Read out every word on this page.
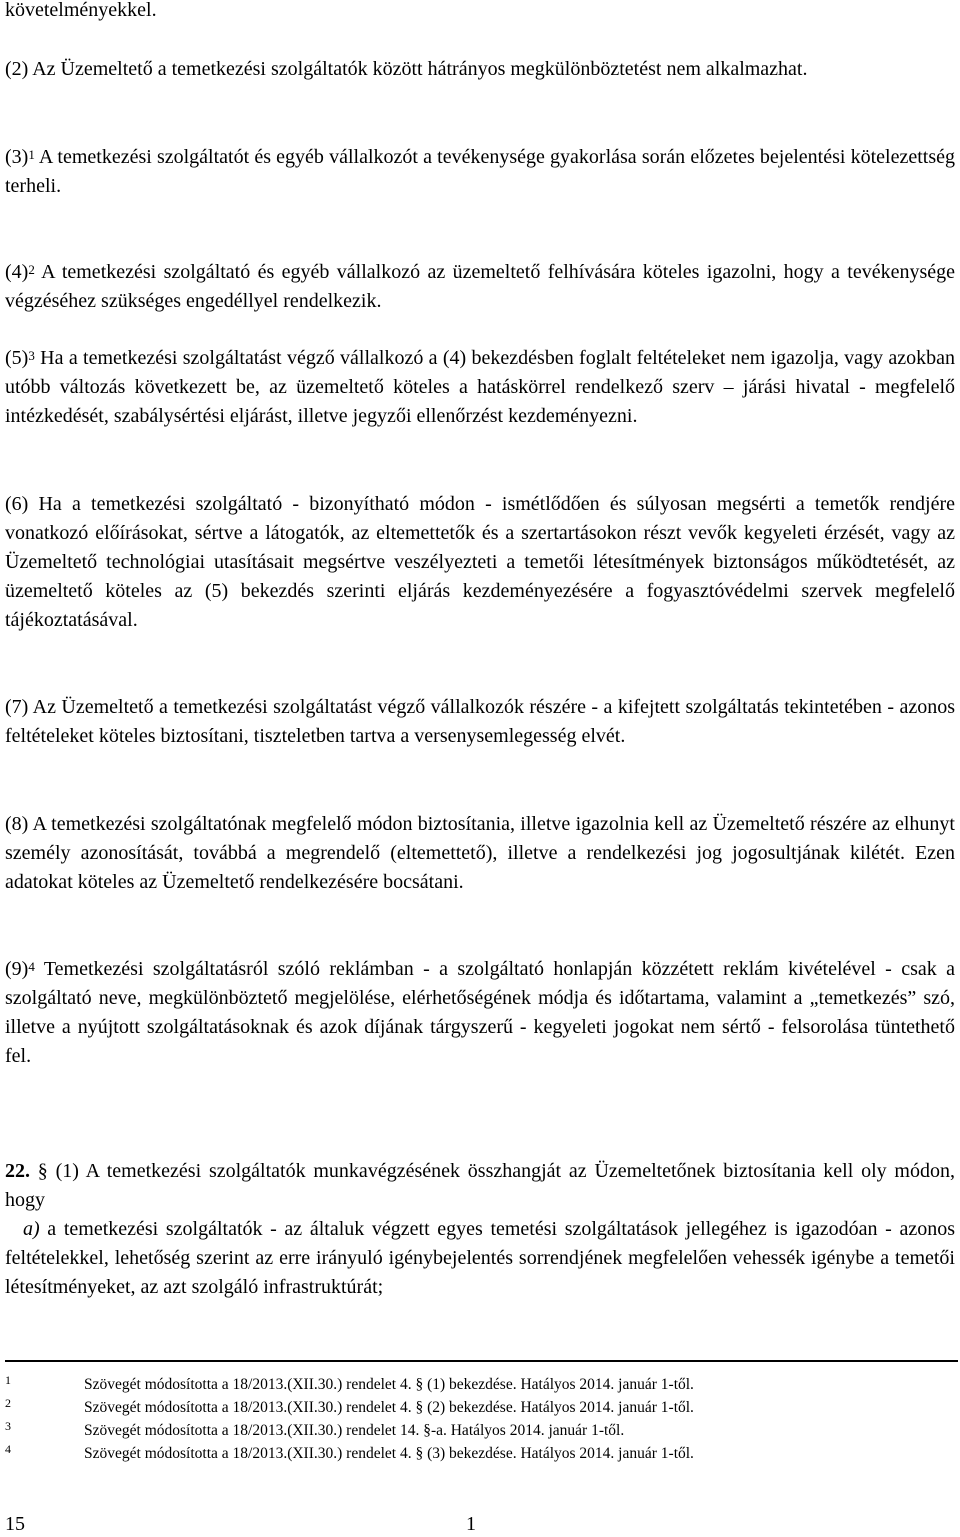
követelményekkel.
(2) Az Üzemeltető a temetkezési szolgáltatók között hátrányos megkülönböztetést nem alkalmazhat.
$(3)^1$ A temetkezési szolgáltatót és egyéb vállalkozót a tevékenysége gyakorlása során előzetes bejelentési kötelezettség terheli.
$(4)^2$ A temetkezési szolgáltató és egyéb vállalkozó az üzemeltető felhívására köteles igazolni, hogy a tevékenysége végzéséhez szükséges engedéllyel rendelkezik.
$(5)^3$ Ha a temetkezési szolgáltatást végző vállalkozó a (4) bekezdésben foglalt feltételeket nem igazolja, vagy azokban utóbb változás következett be, az üzemeltető köteles a hatáskörrel rendelkező szerv – járási hivatal - megfelelő intézkedését, szabálysértési eljárást, illetve jegyzői ellenőrzést kezdeményezni.
(6) Ha a temetkezési szolgáltató - bizonyítható módon - ismétlődően és súlyosan megsérti a temetők rendjére vonatkozó előírásokat, sértve a látogatók, az eltemettetők és a szertartásokon részt vevők kegyeleti érzését, vagy az Üzemeltető technológiai utasításait megsértve veszélyezteti a temetői létesítmények biztonságos működtetését, az üzemeltető köteles az (5) bekezdés szerinti eljárás kezdeményezésére a fogyasztóvédelmi szervek megfelelő tájékoztatásával.
(7) Az Üzemeltető a temetkezési szolgáltatást végző vállalkozók részére - a kifejtett szolgáltatás tekintetében - azonos feltételeket köteles biztosítani, tiszteletben tartva a versenysemlegesség elvét.
(8) A temetkezési szolgáltatónak megfelelő módon biztosítania, illetve igazolnia kell az Üzemeltető részére az elhunyt személy azonosítását, továbbá a megrendelő (eltemettető), illetve a rendelkezési jog jogosultjának kilétét. Ezen adatokat köteles az Üzemeltető rendelkezésére bocsátani.
$(9)^4$ Temetkezési szolgáltatásról szóló reklámban - a szolgáltató honlapján közzétett reklám kivételével - csak a szolgáltató neve, megkülönböztető megjelölése, elérhetőségének módja és időtartama, valamint a „temetkezés” szó, illetve a nyújtott szolgáltatásoknak és azok díjának tárgyszerű - kegyeleti jogokat nem sértő - felsorolása tüntethető fel.
22. § (1) A temetkezési szolgáltatók munkavégzésének összhangját az Üzemeltetőnek biztosítania kell oly módon, hogy
a) a temetkezési szolgáltatók - az általuk végzett egyes temetési szolgáltatások jellegéhez is igazodóan - azonos feltételekkel, lehetőség szerint az erre irányuló igénybejelentés sorrendjének megfelelően vehessék igénybe a temetői létesítményeket, az azt szolgáló infrastruktúrát;
1	Szövegét módosította a 18/2013.(XII.30.) rendelet 4. § (1) bekezdése. Hatályos 2014. január 1-től.
2	Szövegét módosította a 18/2013.(XII.30.) rendelet 4. § (2) bekezdése. Hatályos 2014. január 1-től.
3	Szövegét módosította a 18/2013.(XII.30.) rendelet 14. §-a. Hatályos 2014. január 1-től.
4	Szövegét módosította a 18/2013.(XII.30.) rendelet 4. § (3) bekezdése. Hatályos 2014. január 1-től.
15	1
